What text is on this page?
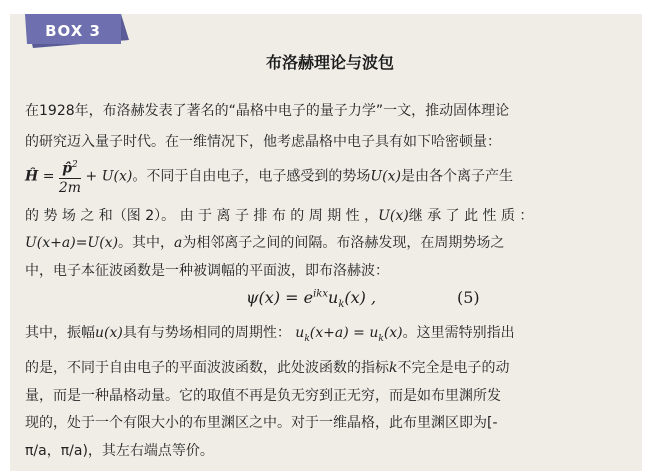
BOX 3
布洛赫理论与波包
在1928年，布洛赫发表了著名的“晶格中电子的量子力学”一文，推动固体理论
的研究迈入量子时代。在一维情况下，他考虑晶格中电子具有如下哈密顿量：
Ĥ = $\frac{p̂^2}{2m} + U(x)$。不同于自由电子，电子感受到的势场U(x)是由各个离子产生
的 势 场 之 和（图 2）。 由 于 离 子 排 布 的 周 期 性 ，U(x)继 承 了 此 性 质 ：
U(x+a)=U(x)。其中，a为相邻离子之间的间隔。布洛赫发现，在周期势场之
中，电子本征波函数是一种被调幅的平面波，即布洛赫波：
$\psi(x) = e^{ikx}u_k(x)$ ,	(5)
其中，振幅u(x)具有与势场相同的周期性： $u_k(x+a) = u_k(x)$。这里需特别指出
的是，不同于自由电子的平面波波函数，此处波函数的指标k不完全是电子的动
量，而是一种晶格动量。它的取值不再是负无穷到正无穷，而是如布里渊所发
现的，处于一个有限大小的布里渊区之中。对于一维晶格，此布里渊区即为[-
π/a，π/a)，其左右端点等价。
